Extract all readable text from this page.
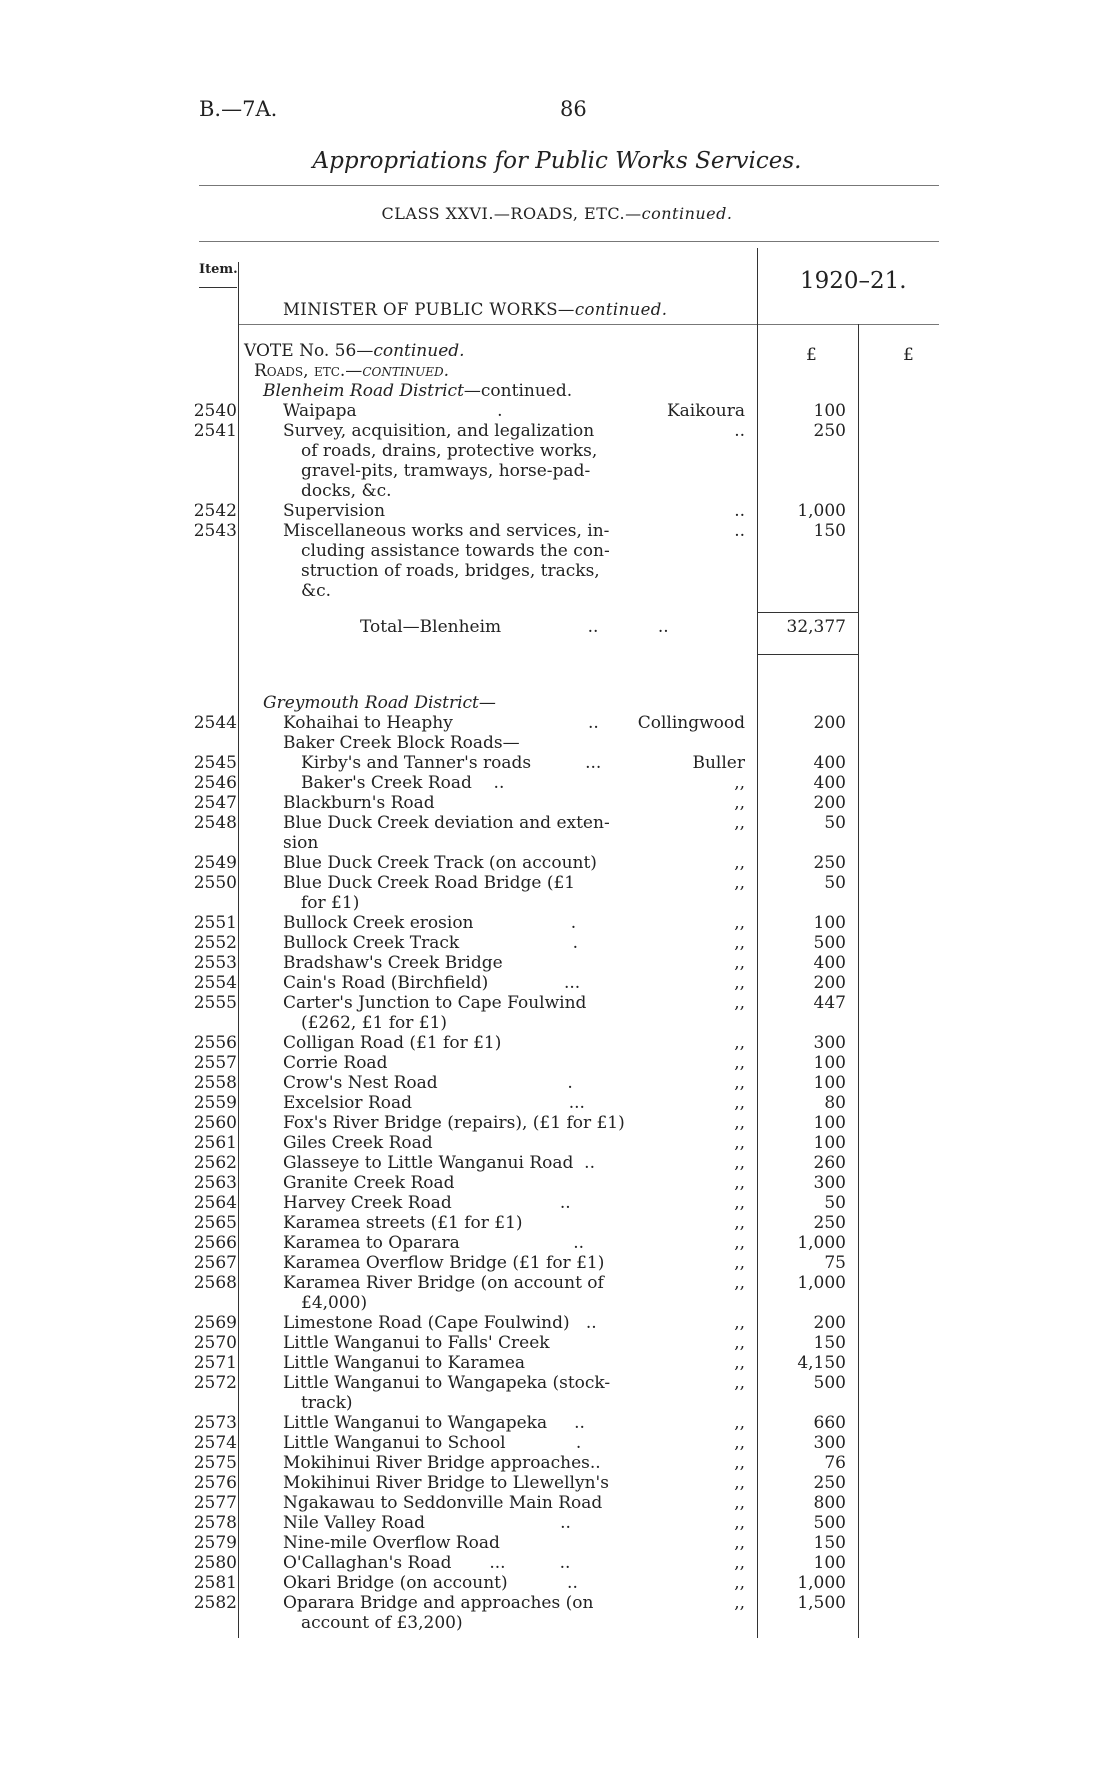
B.—7A.	86
Appropriations for Public Works Services.
CLASS XXVI.—ROADS, ETC.—continued.
Item.
MINISTER OF PUBLIC WORKS—continued.
1920–21.
£	£
VOTE No. 56—continued.
Roads, etc.—continued.
Blenheim Road District—continued.
2540	Waipapa                          .	Kaikoura	100
2541	Survey, acquisition, and legalization	..	250
of roads, drains, protective works,
gravel-pits, tramways, horse-pad-
docks, &c.
2542	Supervision	..	1,000
2543	Miscellaneous works and services, in-	..	150
cluding assistance towards the con-
struction of roads, bridges, tracks,
&c.
Total—Blenheim                ..           ..	32,377
Greymouth Road District—
2544	Kohaihai to Heaphy                         .. Collingwood	200
Baker Creek Block Roads—
2545	Kirby's and Tanner's roads          ...	Buller	400
2546	Baker's Creek Road    ..	,,	400
2547	Blackburn's Road	,,	200
2548	Blue Duck Creek deviation and exten-	,,	50
sion
2549	Blue Duck Creek Track (on account)	,,	250
2550	Blue Duck Creek Road Bridge (£1	,,	50
for £1)
2551	Bullock Creek erosion                  .	,,	100
2552	Bullock Creek Track                     .	,,	500
2553	Bradshaw's Creek Bridge	,,	400
2554	Cain's Road (Birchfield)              ...	,,	200
2555	Carter's Junction to Cape Foulwind	,,	447
(£262, £1 for £1)
2556	Colligan Road (£1 for £1)	,,	300
2557	Corrie Road	,,	100
2558	Crow's Nest Road                        .	,,	100
2559	Excelsior Road                             ...	,,	80
2560	Fox's River Bridge (repairs), (£1 for £1)	,,	100
2561	Giles Creek Road	,,	100
2562	Glasseye to Little Wanganui Road  ..	,,	260
2563	Granite Creek Road	,,	300
2564	Harvey Creek Road                    ..	,,	50
2565	Karamea streets (£1 for £1)	,,	250
2566	Karamea to Oparara                     ..	,,	1,000
2567	Karamea Overflow Bridge (£1 for £1)	,,	75
2568	Karamea River Bridge (on account of	,,	1,000
£4,000)
2569	Limestone Road (Cape Foulwind)   ..	,,	200
2570	Little Wanganui to Falls' Creek	,,	150
2571	Little Wanganui to Karamea	,,	4,150
2572	Little Wanganui to Wangapeka (stock-	,,	500
track)
2573	Little Wanganui to Wangapeka     ..	,,	660
2574	Little Wanganui to School             .	,,	300
2575	Mokihinui River Bridge approaches..	,,	76
2576	Mokihinui River Bridge to Llewellyn's	,,	250
2577	Ngakawau to Seddonville Main Road	,,	800
2578	Nile Valley Road                         ..	,,	500
2579	Nine-mile Overflow Road	,,	150
2580	O'Callaghan's Road       ...          ..	,,	100
2581	Okari Bridge (on account)           ..	,,	1,000
2582	Oparara Bridge and approaches (on	,,	1,500
account of £3,200)
